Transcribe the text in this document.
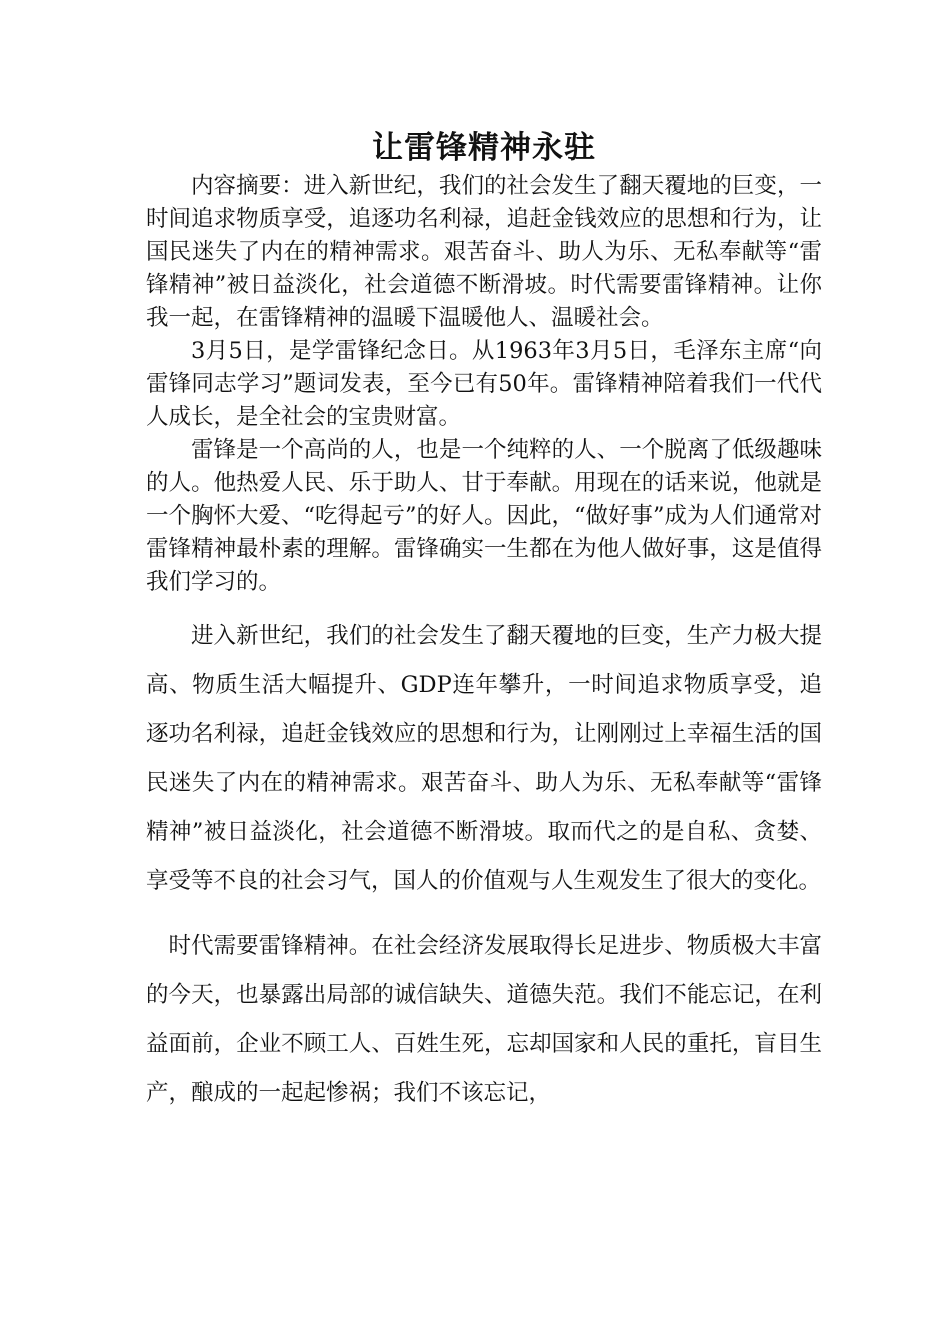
让雷锋精神永驻

内容摘要：进入新世纪，我们的社会发生了翻天覆地的巨变，一时间追求物质享受，追逐功名利禄，追赶金钱效应的思想和行为，让国民迷失了内在的精神需求。艰苦奋斗、助人为乐、无私奉献等“雷锋精神”被日益淡化，社会道德不断滑坡。时代需要雷锋精神。让你我一起，在雷锋精神的温暖下温暖他人、温暖社会。

3月5日，是学雷锋纪念日。从1963年3月5日，毛泽东主席“向雷锋同志学习”题词发表，至今已有50年。雷锋精神陪着我们一代代人成长，是全社会的宝贵财富。

雷锋是一个高尚的人，也是一个纯粹的人、一个脱离了低级趣味的人。他热爱人民、乐于助人、甘于奉献。用现在的话来说，他就是一个胸怀大爱、“吃得起亏”的好人。因此，“做好事”成为人们通常对雷锋精神最朴素的理解。雷锋确实一生都在为他人做好事，这是值得我们学习的。

进入新世纪，我们的社会发生了翻天覆地的巨变，生产力极大提高、物质生活大幅提升、GDP连年攀升，一时间追求物质享受，追逐功名利禄，追赶金钱效应的思想和行为，让刚刚过上幸福生活的国民迷失了内在的精神需求。艰苦奋斗、助人为乐、无私奉献等“雷锋精神”被日益淡化，社会道德不断滑坡。取而代之的是自私、贪婪、享受等不良的社会习气，国人的价值观与人生观发生了很大的变化。

时代需要雷锋精神。在社会经济发展取得长足进步、物质极大丰富的今天，也暴露出局部的诚信缺失、道德失范。我们不能忘记，在利益面前，企业不顾工人、百姓生死，忘却国家和人民的重托，盲目生产，酿成的一起起惨祸；我们不该忘记，
